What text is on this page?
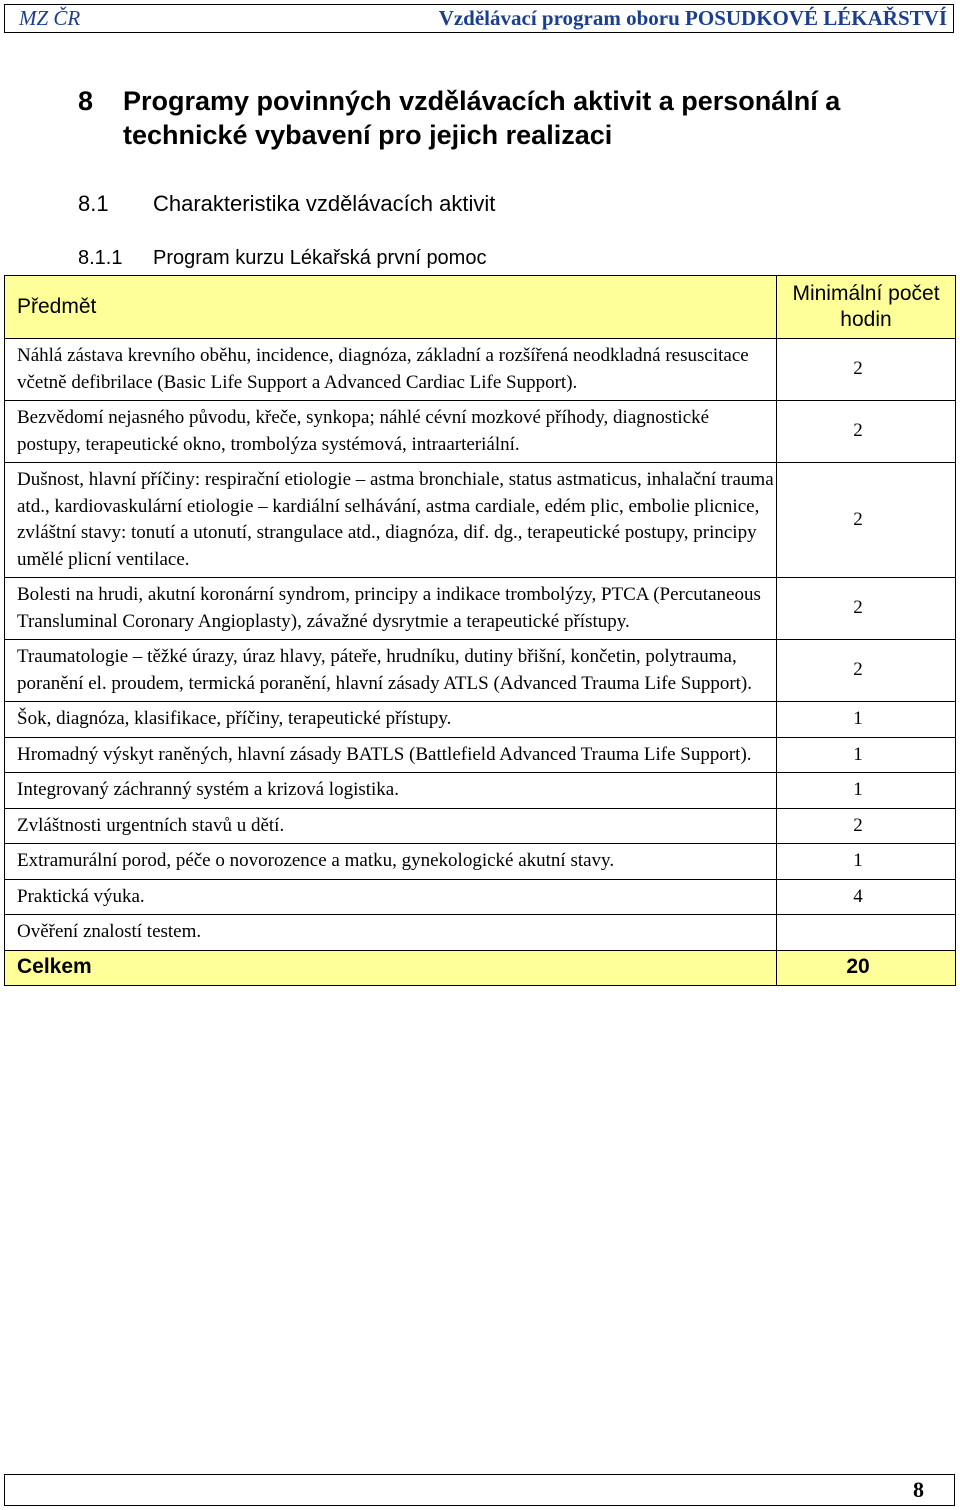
MZ ČR	Vzdělávací program oboru POSUDKOVÉ LÉKAŘSTVÍ
8 Programy povinných vzdělávacích aktivit a personální a technické vybavení pro jejich realizaci
8.1 Charakteristika vzdělávacích aktivit
8.1.1 Program kurzu Lékařská první pomoc
Předmět	Minimální počet hodin
Náhlá zástava krevního oběhu, incidence, diagnóza, základní a rozšířená neodkladná resuscitace včetně defibrilace (Basic Life Support a Advanced Cardiac Life Support).	2
Bezvědomí nejasného původu, křeče, synkopa; náhlé cévní mozkové příhody, diagnostické postupy, terapeutické okno, trombolýza systémová, intraarteriální.	2
Dušnost, hlavní příčiny: respirační etiologie – astma bronchiale, status astmaticus, inhalační trauma atd., kardiovaskulární etiologie – kardiální selhávání, astma cardiale, edém plic, embolie plicnice, zvláštní stavy: tonutí a utonutí, strangulace atd., diagnóza, dif. dg., terapeutické postupy, principy umělé plicní ventilace.	2
Bolesti na hrudi, akutní koronární syndrom, principy a indikace trombolýzy, PTCA (Percutaneous Transluminal Coronary Angioplasty), závažné dysrytmie a terapeutické přístupy.	2
Traumatologie – těžké úrazy, úraz hlavy, páteře, hrudníku, dutiny břišní, končetin, polytrauma, poranění el. proudem, termická poranění, hlavní zásady ATLS (Advanced Trauma Life Support).	2
Šok, diagnóza, klasifikace, příčiny, terapeutické přístupy.	1
Hromadný výskyt raněných, hlavní zásady BATLS (Battlefield Advanced Trauma Life Support).	1
Integrovaný záchranný systém a krizová logistika.	1
Zvláštnosti urgentních stavů u dětí.	2
Extramurální porod, péče o novorozence a matku, gynekologické akutní stavy.	1
Praktická výuka.	4
Ověření znalostí testem.	
Celkem	20
8
